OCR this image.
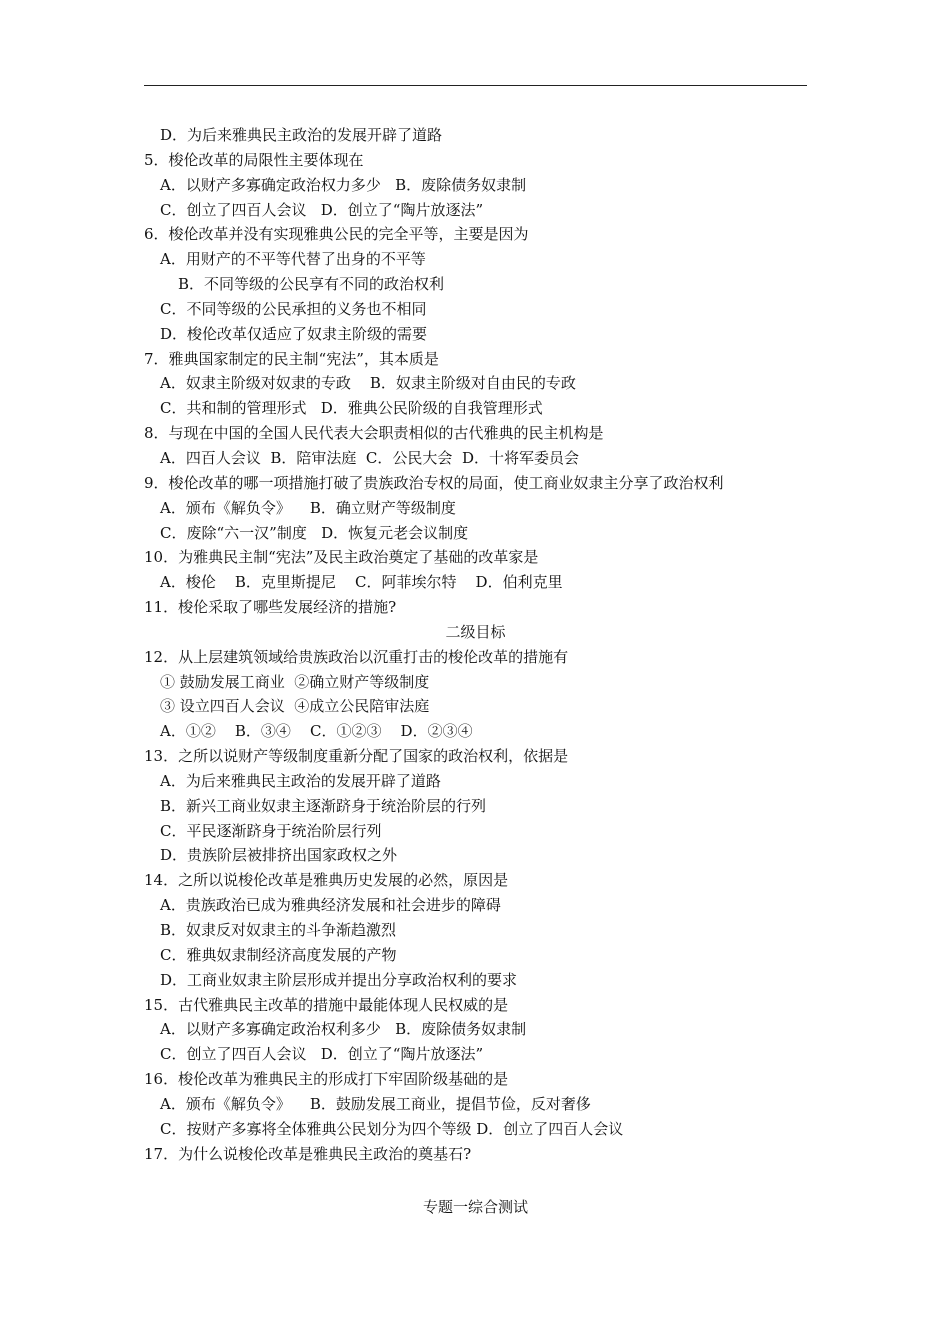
D．为后来雅典民主政治的发展开辟了道路
5．梭伦改革的局限性主要体现在
A．以财产多寡确定政治权力多少   B．废除债务奴隶制
C．创立了四百人会议   D．创立了“陶片放逐法”
6．梭伦改革并没有实现雅典公民的完全平等，主要是因为
A．用财产的不平等代替了出身的不平等
B．不同等级的公民享有不同的政治权利
C．不同等级的公民承担的义务也不相同
D．梭伦改革仅适应了奴隶主阶级的需要
7．雅典国家制定的民主制“宪法”，其本质是
A．奴隶主阶级对奴隶的专政    B．奴隶主阶级对自由民的专政
C．共和制的管理形式   D．雅典公民阶级的自我管理形式
8．与现在中国的全国人民代表大会职责相似的古代雅典的民主机构是
A．四百人会议  B．陪审法庭  C．公民大会  D．十将军委员会
9．梭伦改革的哪一项措施打破了贵族政治专权的局面，使工商业奴隶主分享了政治权利
A．颁布《解负令》    B．确立财产等级制度
C．废除“六一汉”制度   D．恢复元老会议制度
10．为雅典民主制“宪法”及民主政治奠定了基础的改革家是
A．梭伦    B．克里斯提尼    C．阿菲埃尔特    D．伯利克里
11．梭伦采取了哪些发展经济的措施?
二级目标
12．从上层建筑领域给贵族政治以沉重打击的梭伦改革的措施有
① 鼓励发展工商业  ②确立财产等级制度
③ 设立四百人会议  ④成立公民陪审法庭
A．①②    B．③④    C．①②③    D．②③④
13．之所以说财产等级制度重新分配了国家的政治权利，依据是
A．为后来雅典民主政治的发展开辟了道路
B．新兴工商业奴隶主逐渐跻身于统治阶层的行列
C．平民逐渐跻身于统治阶层行列
D．贵族阶层被排挤出国家政权之外
14．之所以说梭伦改革是雅典历史发展的必然，原因是
A．贵族政治已成为雅典经济发展和社会进步的障碍
B．奴隶反对奴隶主的斗争渐趋激烈
C．雅典奴隶制经济高度发展的产物
D．工商业奴隶主阶层形成并提出分享政治权利的要求
15．古代雅典民主改革的措施中最能体现人民权威的是
A．以财产多寡确定政治权利多少   B．废除债务奴隶制
C．创立了四百人会议   D．创立了“陶片放逐法”
16．梭伦改革为雅典民主的形成打下牢固阶级基础的是
A．颁布《解负令》    B．鼓励发展工商业，提倡节俭，反对奢侈
C．按财产多寡将全体雅典公民划分为四个等级 D．创立了四百人会议
17．为什么说梭伦改革是雅典民主政治的奠基石?
专题一综合测试
